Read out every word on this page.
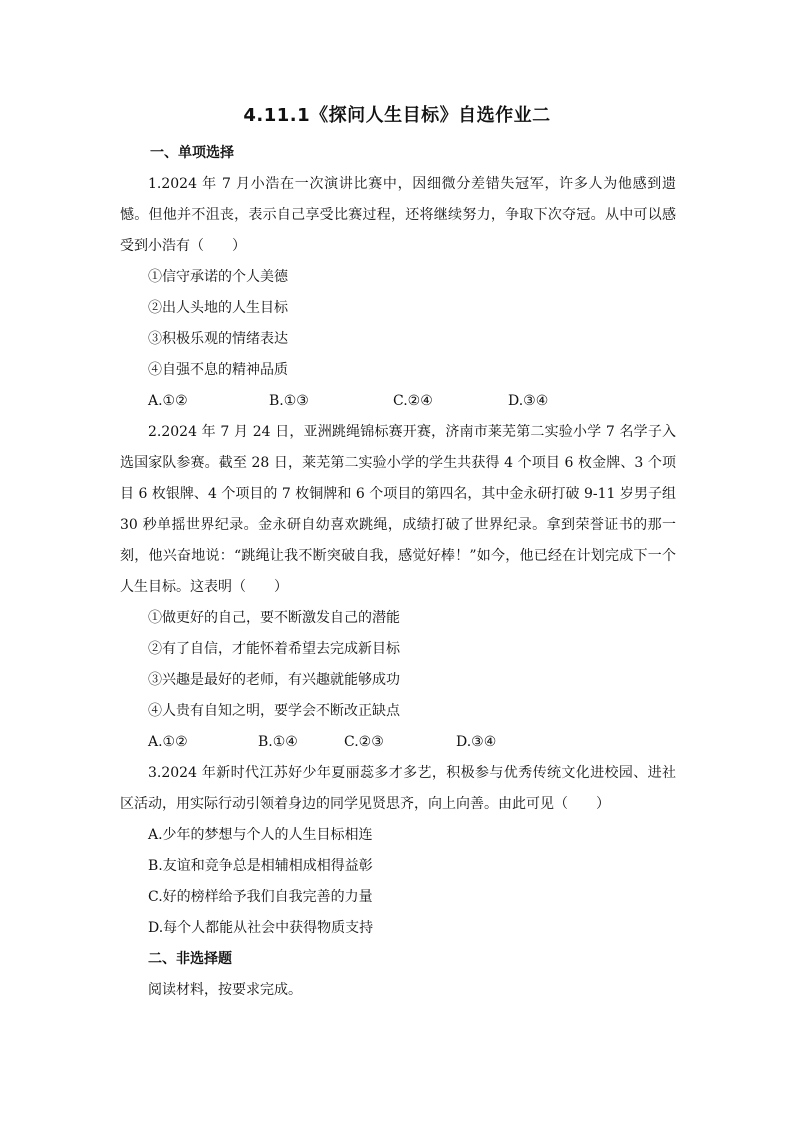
4.11.1《探问人生目标》自选作业二
一、单项选择

1.2024 年 7 月小浩在一次演讲比赛中，因细微分差错失冠军，许多人为他感到遗憾。但他并不沮丧，表示自己享受比赛过程，还将继续努力，争取下次夺冠。从中可以感受到小浩有（　　）

①信守承诺的个人美德
②出人头地的人生目标
③积极乐观的情绪表达
④自强不息的精神品质
A.①②	B.①③	C.②④	D.③④

2.2024 年 7 月 24 日，亚洲跳绳锦标赛开赛，济南市莱芜第二实验小学 7 名学子入选国家队参赛。截至 28 日，莱芜第二实验小学的学生共获得 4 个项目 6 枚金牌、3 个项目 6 枚银牌、4 个项目的 7 枚铜牌和 6 个项目的第四名，其中金永研打破 9-11 岁男子组 30 秒单摇世界纪录。金永研自幼喜欢跳绳，成绩打破了世界纪录。拿到荣誉证书的那一刻，他兴奋地说：“跳绳让我不断突破自我，感觉好棒！”如今，他已经在计划完成下一个人生目标。这表明（　　）

①做更好的自己，要不断激发自己的潜能
②有了自信，才能怀着希望去完成新目标
③兴趣是最好的老师，有兴趣就能够成功
④人贵有自知之明，要学会不断改正缺点
A.①②	B.①④	C.②③	D.③④

3.2024 年新时代江苏好少年夏丽蕊多才多艺，积极参与优秀传统文化进校园、进社区活动，用实际行动引领着身边的同学见贤思齐，向上向善。由此可见（　　）

A.少年的梦想与个人的人生目标相连
B.友谊和竞争总是相辅相成相得益彰
C.好的榜样给予我们自我完善的力量
D.每个人都能从社会中获得物质支持
二、非选择题
阅读材料，按要求完成。
